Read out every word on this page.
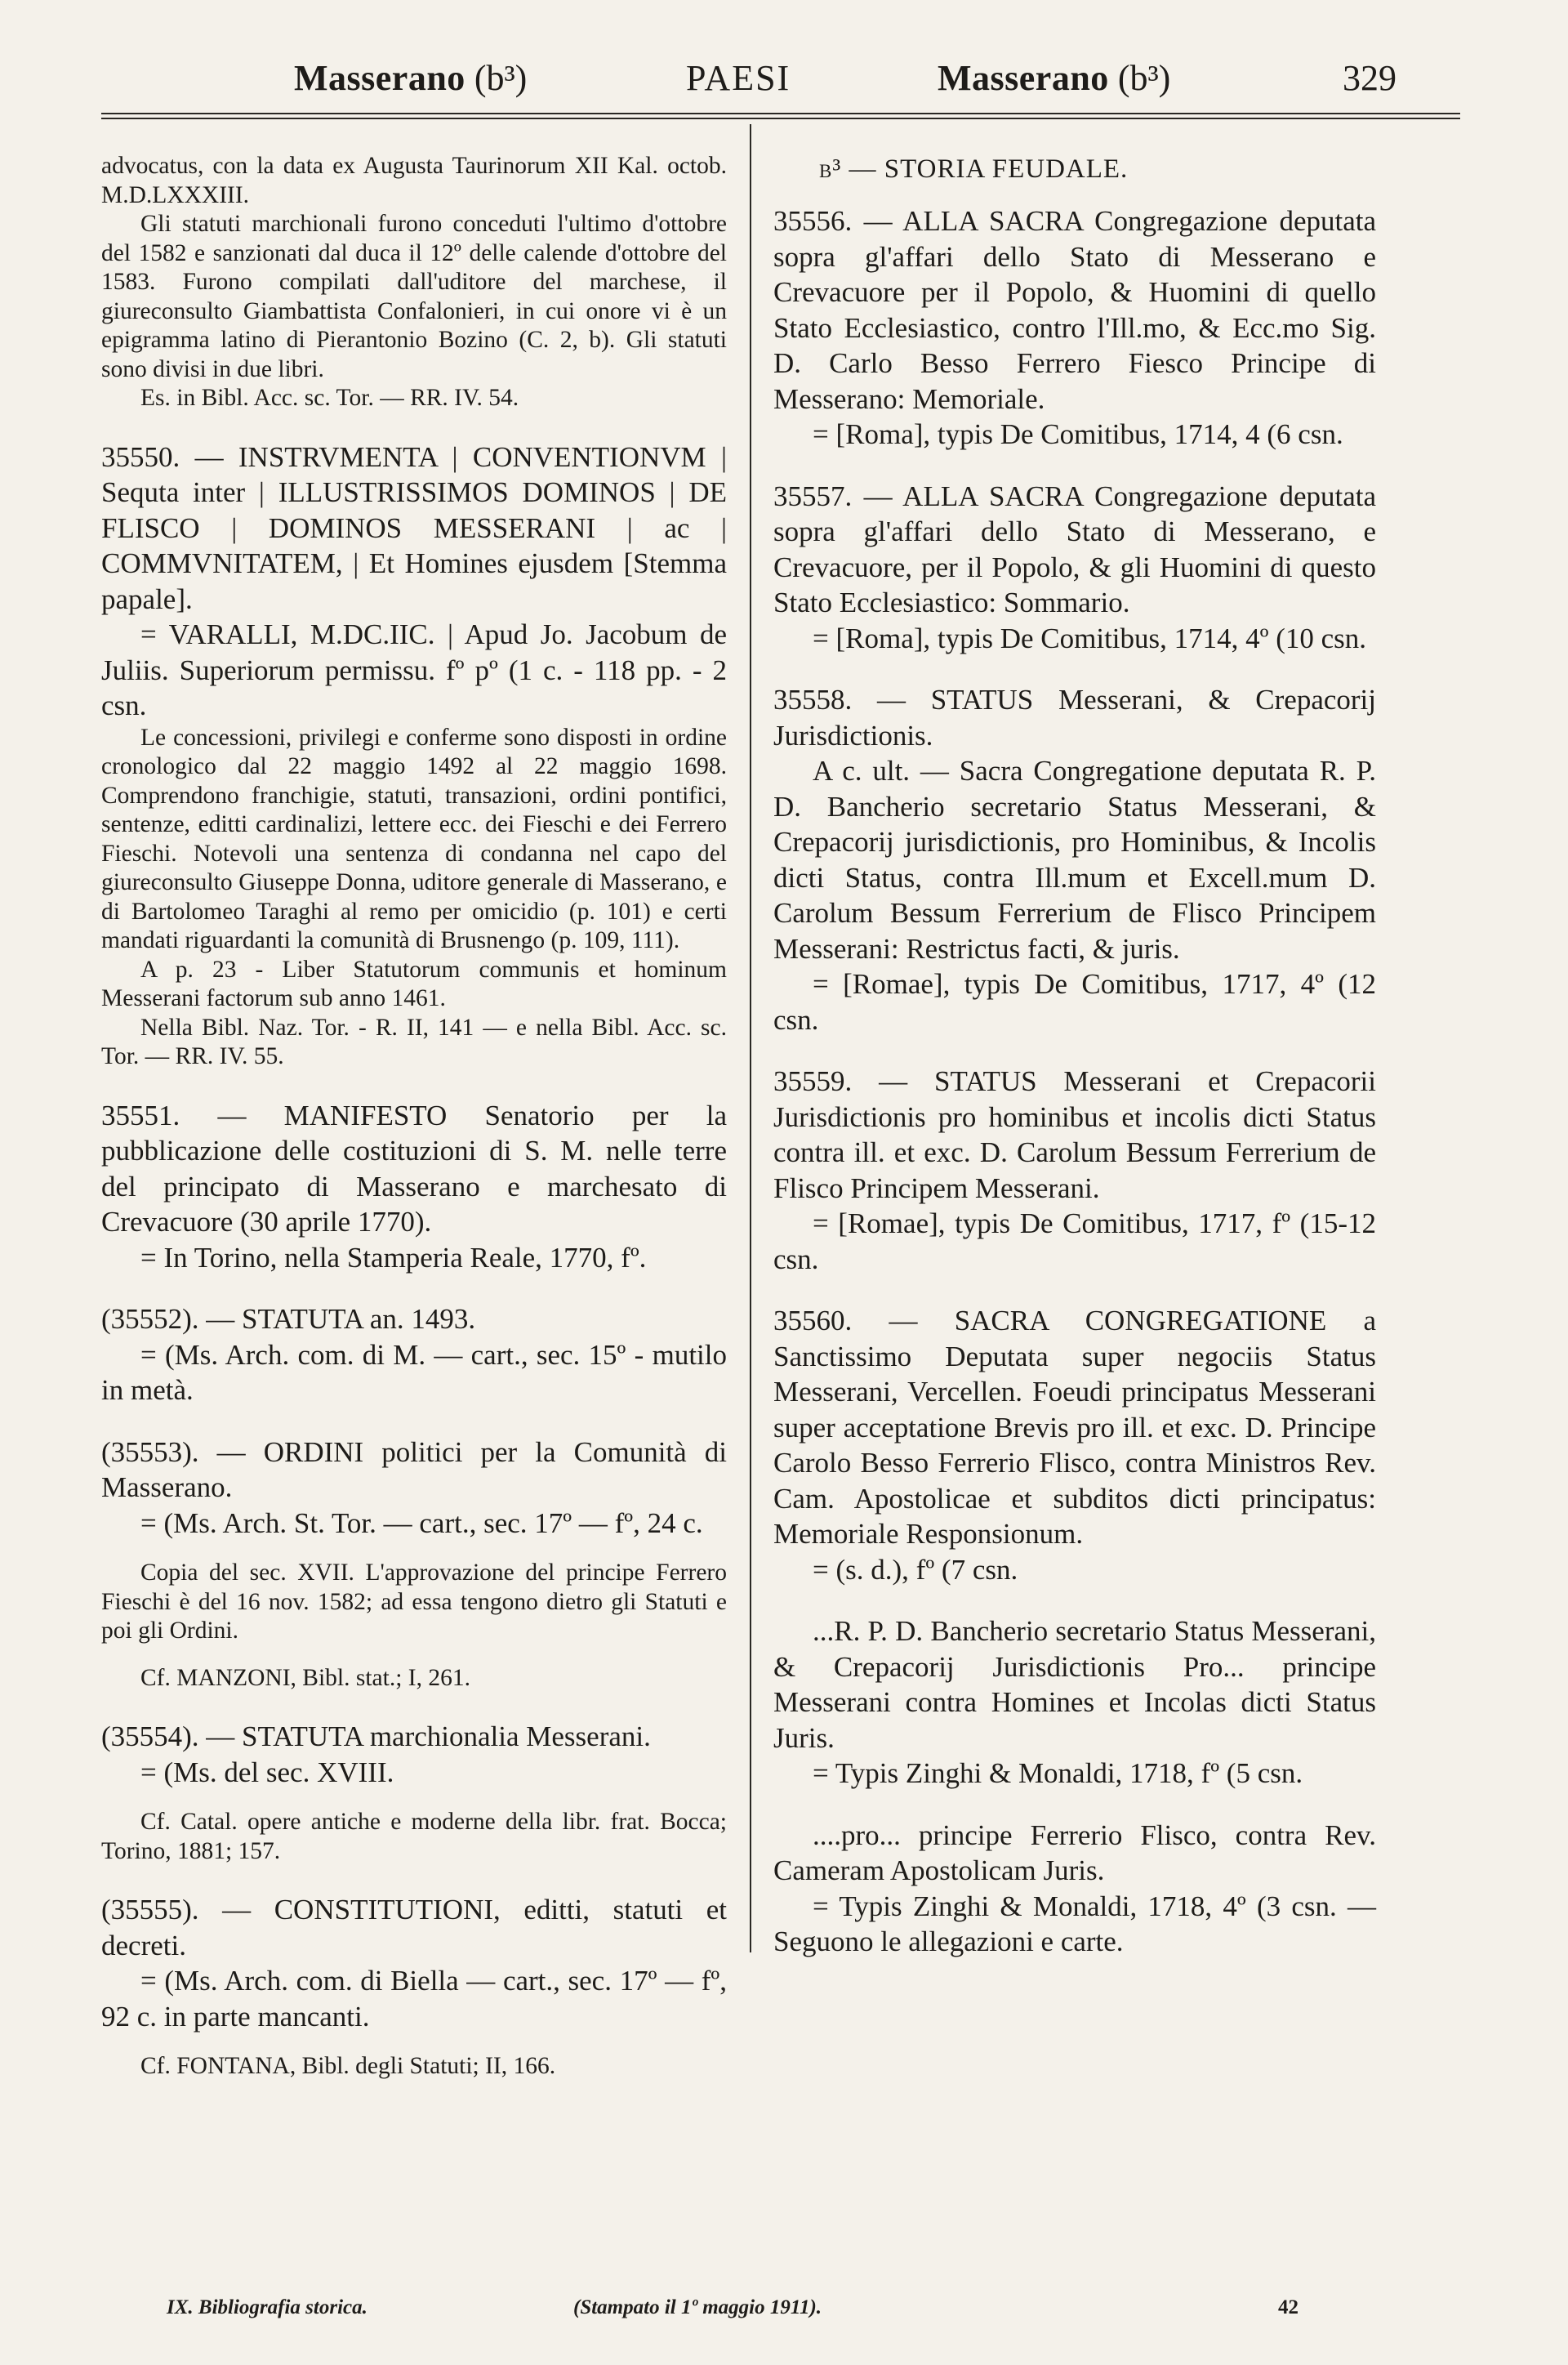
Masserano (b³)	PAESI	Masserano (b³)	329

advocatus, con la data ex Augusta Taurinorum XII Kal. octob. M.D.LXXXIII.

Gli statuti marchionali furono conceduti l'ultimo d'ottobre del 1582 e sanzionati dal duca il 12º delle calende d'ottobre del 1583. Furono compilati dall'uditore del marchese, il giureconsulto Giambattista Confalonieri, in cui onore vi è un epigramma latino di Pierantonio Bozino (C. 2, b). Gli statuti sono divisi in due libri.

Es. in Bibl. Acc. sc. Tor. — RR. IV. 54.

35550. — INSTRVMENTA | CONVENTIONVM | Sequta inter | ILLUSTRISSIMOS DOMINOS | DE FLISCO | DOMINOS MESSERANI | ac | COMMVNITATEM, | Et Homines ejusdem [Stemma papale].

= VARALLI, M.DC.IIC. | Apud Jo. Jacobum de Juliis. Superiorum permissu. fº pº (1 c. - 118 pp. - 2 csn.

Le concessioni, privilegi e conferme sono disposti in ordine cronologico dal 22 maggio 1492 al 22 maggio 1698. Comprendono franchigie, statuti, transazioni, ordini pontifici, sentenze, editti cardinalizi, lettere ecc. dei Fieschi e dei Ferrero Fieschi. Notevoli una sentenza di condanna nel capo del giureconsulto Giuseppe Donna, uditore generale di Masserano, e di Bartolomeo Taraghi al remo per omicidio (p. 101) e certi mandati riguardanti la comunità di Brusnengo (p. 109, 111).

A p. 23 - Liber Statutorum communis et hominum Messerani factorum sub anno 1461.

Nella Bibl. Naz. Tor. - R. II, 141 — e nella Bibl. Acc. sc. Tor. — RR. IV. 55.

35551. — MANIFESTO Senatorio per la pubblicazione delle costituzioni di S. M. nelle terre del principato di Masserano e marchesato di Crevacuore (30 aprile 1770).

= In Torino, nella Stamperia Reale, 1770, fº.

(35552). — STATUTA an. 1493.

= (Ms. Arch. com. di M. — cart., sec. 15º - mutilo in metà.

(35553). — ORDINI politici per la Comunità di Masserano.

= (Ms. Arch. St. Tor. — cart., sec. 17º — fº, 24 c.

Copia del sec. XVII. L'approvazione del principe Ferrero Fieschi è del 16 nov. 1582; ad essa tengono dietro gli Statuti e poi gli Ordini.

Cf. MANZONI, Bibl. stat.; I, 261.

(35554). — STATUTA marchionalia Messerani.

= (Ms. del sec. XVIII.

Cf. Catal. opere antiche e moderne della libr. frat. Bocca; Torino, 1881; 157.

(35555). — CONSTITUTIONI, editti, statuti et decreti.

= (Ms. Arch. com. di Biella — cart., sec. 17º — fº, 92 c. in parte mancanti.

Cf. FONTANA, Bibl. degli Statuti; II, 166.

b³ — STORIA FEUDALE.

35556. — ALLA SACRA Congregazione deputata sopra gl'affari dello Stato di Messerano e Crevacuore per il Popolo, & Huomini di quello Stato Ecclesiastico, contro l'Ill.mo, & Ecc.mo Sig. D. Carlo Besso Ferrero Fiesco Principe di Messerano: Memoriale.

= [Roma], typis De Comitibus, 1714, 4 (6 csn.

35557. — ALLA SACRA Congregazione deputata sopra gl'affari dello Stato di Messerano, e Crevacuore, per il Popolo, & gli Huomini di questo Stato Ecclesiastico: Sommario.

= [Roma], typis De Comitibus, 1714, 4º (10 csn.

35558. — STATUS Messerani, & Crepacorij Jurisdictionis.

A c. ult. — Sacra Congregatione deputata R. P. D. Bancherio secretario Status Messerani, & Crepacorij jurisdictionis, pro Hominibus, & Incolis dicti Status, contra Ill.mum et Excell.mum D. Carolum Bessum Ferrerium de Flisco Principem Messerani: Restrictus facti, & juris.

= [Romae], typis De Comitibus, 1717, 4º (12 csn.

35559. — STATUS Messerani et Crepacorii Jurisdictionis pro hominibus et incolis dicti Status contra ill. et exc. D. Carolum Bessum Ferrerium de Flisco Principem Messerani.

= [Romae], typis De Comitibus, 1717, fº (15-12 csn.

35560. — SACRA CONGREGATIONE a Sanctissimo Deputata super negociis Status Messerani, Vercellen. Foeudi principatus Messerani super acceptatione Brevis pro ill. et exc. D. Principe Carolo Besso Ferrerio Flisco, contra Ministros Rev. Cam. Apostolicae et subditos dicti principatus: Memoriale Responsionum.

= (s. d.), fº (7 csn.

...R. P. D. Bancherio secretario Status Messerani, & Crepacorij Jurisdictionis Pro... principe Messerani contra Homines et Incolas dicti Status Juris.

= Typis Zinghi & Monaldi, 1718, fº (5 csn.

....pro... principe Ferrerio Flisco, contra Rev. Cameram Apostolicam Juris.

= Typis Zinghi & Monaldi, 1718, 4º (3 csn. — Seguono le allegazioni e carte.

IX. Bibliografia storica.	(Stampato il 1º maggio 1911).	42
